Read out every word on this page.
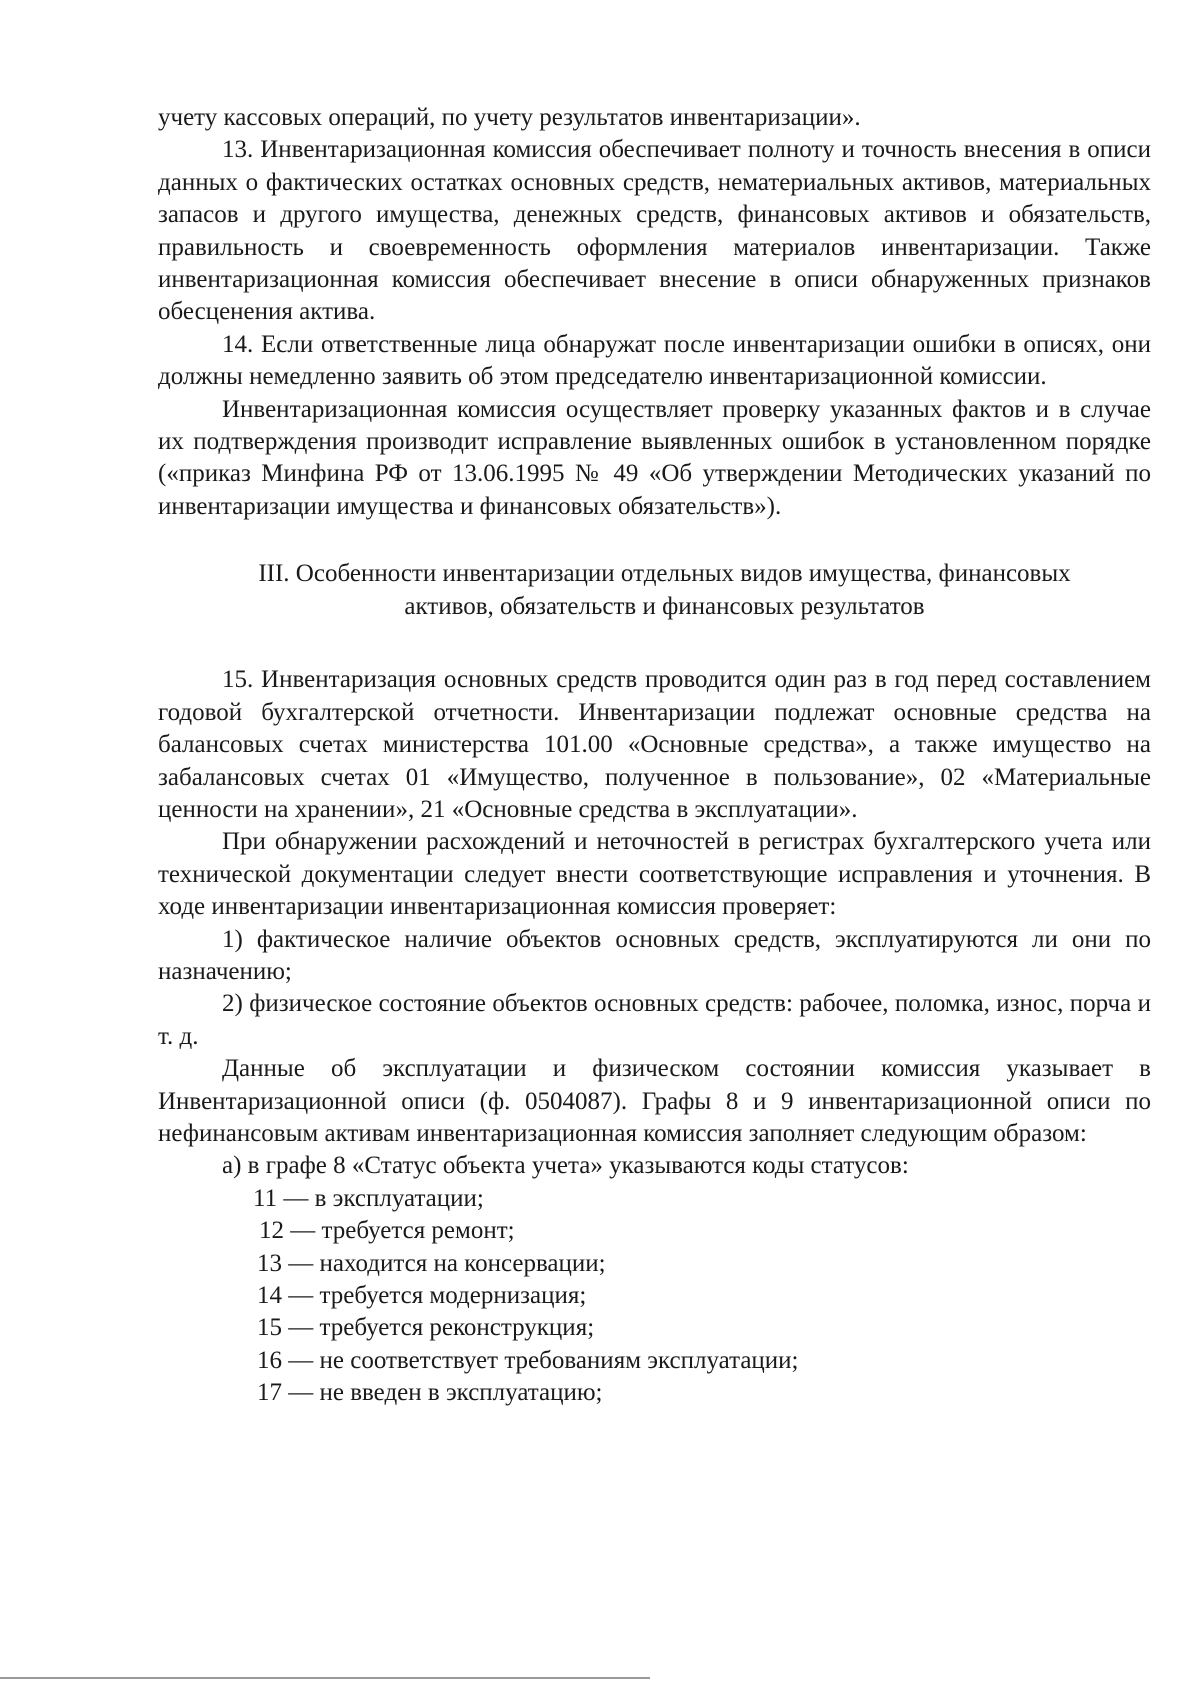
учету кассовых операций, по учету результатов инвентаризации».

13. Инвентаризационная комиссия обеспечивает полноту и точность внесения в описи данных о фактических остатках основных средств, нематериальных активов, материальных запасов и другого имущества, денежных средств, финансовых активов и обязательств, правильность и своевременность оформления материалов инвентаризации. Также инвентаризационная комиссия обеспечивает внесение в описи обнаруженных признаков обесценения актива.

14. Если ответственные лица обнаружат после инвентаризации ошибки в описях, они должны немедленно заявить об этом председателю инвентаризационной комиссии.

Инвентаризационная комиссия осуществляет проверку указанных фактов и в случае их подтверждения производит исправление выявленных ошибок в установленном порядке («приказ Минфина РФ от 13.06.1995 № 49 «Об утверждении Методических указаний по инвентаризации имущества и финансовых обязательств»).

III. Особенности инвентаризации отдельных видов имущества, финансовых активов, обязательств и финансовых результатов

15. Инвентаризация основных средств проводится один раз в год перед составлением годовой бухгалтерской отчетности. Инвентаризации подлежат основные средства на балансовых счетах министерства 101.00 «Основные средства», а также имущество на забалансовых счетах 01 «Имущество, полученное в пользование», 02 «Материальные ценности на хранении», 21 «Основные средства в эксплуатации».

При обнаружении расхождений и неточностей в регистрах бухгалтерского учета или технической документации следует внести соответствующие исправления и уточнения. В ходе инвентаризации инвентаризационная комиссия проверяет:

1) фактическое наличие объектов основных средств, эксплуатируются ли они по назначению;

2) физическое состояние объектов основных средств: рабочее, поломка, износ, порча и т. д.

Данные об эксплуатации и физическом состоянии комиссия указывает в Инвентаризационной описи (ф. 0504087). Графы 8 и 9 инвентаризационной описи по нефинансовым активам инвентаризационная комиссия заполняет следующим образом:

а) в графе 8 «Статус объекта учета» указываются коды статусов:

11 — в эксплуатации;
12 — требуется ремонт;
13 — находится на консервации;
14 — требуется модернизация;
15 — требуется реконструкция;
16 — не соответствует требованиям эксплуатации;
17 — не введен в эксплуатацию;
